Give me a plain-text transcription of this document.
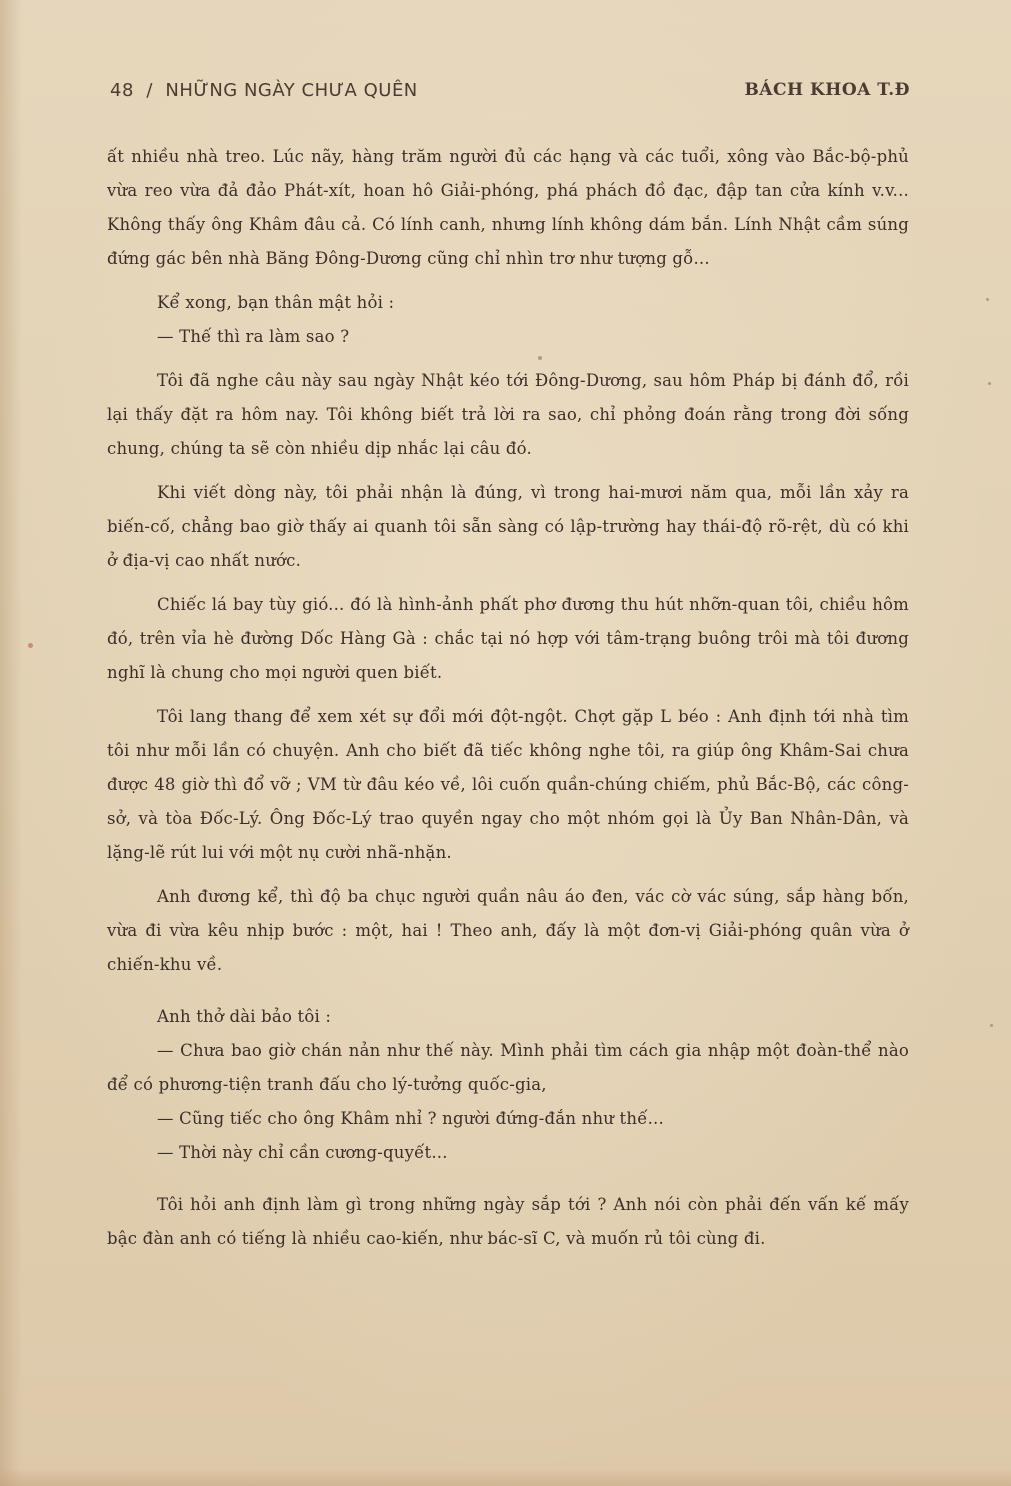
48 / NHỮNG NGÀY CHƯA QUÊN	BÁCH KHOA T.Đ

ất nhiều nhà treo. Lúc nãy, hàng trăm người đủ các hạng và các tuổi, xông vào Bắc-bộ-phủ vừa reo vừa đả đảo Phát-xít, hoan hô Giải-phóng, phá phách đồ đạc, đập tan cửa kính v.v... Không thấy ông Khâm đâu cả. Có lính canh, nhưng lính không dám bắn. Lính Nhật cầm súng đứng gác bên nhà Băng Đông-Dương cũng chỉ nhìn trơ như tượng gỗ...

Kể xong, bạn thân mật hỏi :

— Thế thì ra làm sao ?

Tôi đã nghe câu này sau ngày Nhật kéo tới Đông-Dương, sau hôm Pháp bị đánh đổ, rồi lại thấy đặt ra hôm nay. Tôi không biết trả lời ra sao, chỉ phỏng đoán rằng trong đời sống chung, chúng ta sẽ còn nhiều dịp nhắc lại câu đó.

Khi viết dòng này, tôi phải nhận là đúng, vì trong hai-mươi năm qua, mỗi lần xảy ra biến-cố, chẳng bao giờ thấy ai quanh tôi sẵn sàng có lập-trường hay thái-độ rõ-rệt, dù có khi ở địa-vị cao nhất nước.

Chiếc lá bay tùy gió... đó là hình-ảnh phất phơ đương thu hút nhỡn-quan tôi, chiều hôm đó, trên vỉa hè đường Dốc Hàng Gà : chắc tại nó hợp với tâm-trạng buông trôi mà tôi đương nghĩ là chung cho mọi người quen biết.

Tôi lang thang để xem xét sự đổi mới đột-ngột. Chợt gặp L béo : Anh định tới nhà tìm tôi như mỗi lần có chuyện. Anh cho biết đã tiếc không nghe tôi, ra giúp ông Khâm-Sai chưa được 48 giờ thì đổ vỡ ; VM từ đâu kéo về, lôi cuốn quần-chúng chiếm, phủ Bắc-Bộ, các công-sở, và tòa Đốc-Lý. Ông Đốc-Lý trao quyền ngay cho một nhóm gọi là Ủy Ban Nhân-Dân, và lặng-lẽ rút lui với một nụ cười nhã-nhặn.

Anh đương kể, thì độ ba chục người quần nâu áo đen, vác cờ vác súng, sắp hàng bốn, vừa đi vừa kêu nhịp bước : một, hai ! Theo anh, đấy là một đơn-vị Giải-phóng quân vừa ở chiến-khu về.

Anh thở dài bảo tôi :

— Chưa bao giờ chán nản như thế này. Mình phải tìm cách gia nhập một đoàn-thể nào để có phương-tiện tranh đấu cho lý-tưởng quốc-gia,

— Cũng tiếc cho ông Khâm nhỉ ? người đứng-đắn như thế...

— Thời này chỉ cần cương-quyết...

Tôi hỏi anh định làm gì trong những ngày sắp tới ? Anh nói còn phải đến vấn kế mấy bậc đàn anh có tiếng là nhiều cao-kiến, như bác-sĩ C, và muốn rủ tôi cùng đi.
